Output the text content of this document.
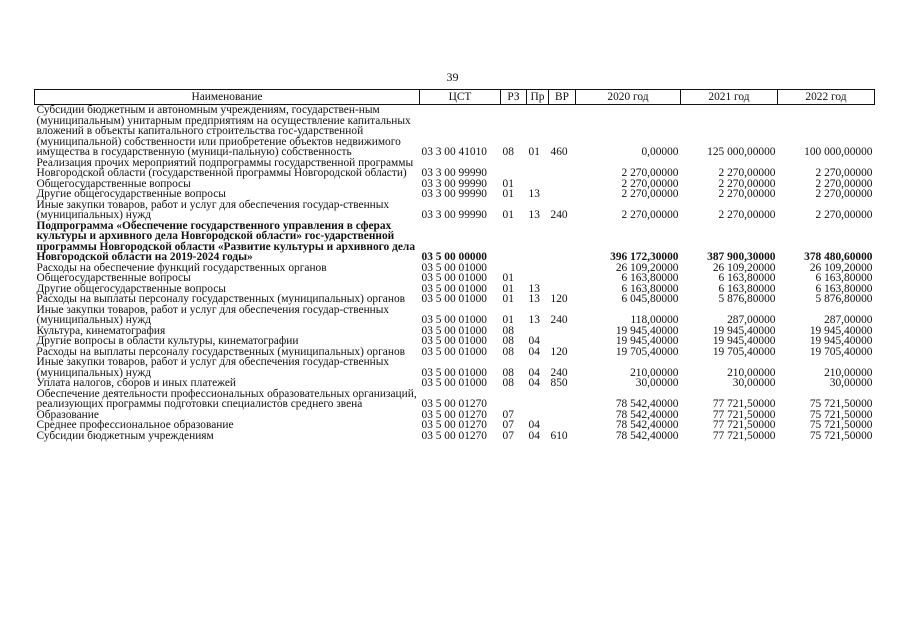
39
Наименование	ЦСТ	РЗ	Пр	ВР	2020 год	2021 год	2022 год
Субсидии бюджетным и автономным учреждениям, государствен-ным (муниципальным) унитарным предприятиям на осуществление капитальных вложений в объекты капитального строительства гос-ударственной (муниципальной) собственности или приобретение объектов недвижимого имущества в государственную (муници-пальную) собственность	03 3 00 41010	08	01	460	0,00000	125 000,00000	100 000,00000
Реализация прочих мероприятий подпрограммы государственной программы Новгородской области (государственной программы Новгородской области)	03 3 00 99990				2 270,00000	2 270,00000	2 270,00000
Общегосударственные вопросы	03 3 00 99990	01			2 270,00000	2 270,00000	2 270,00000
Другие общегосударственные вопросы	03 3 00 99990	01	13		2 270,00000	2 270,00000	2 270,00000
Иные закупки товаров, работ и услуг для обеспечения государ-ственных (муниципальных) нужд	03 3 00 99990	01	13	240	2 270,00000	2 270,00000	2 270,00000
Подпрограмма «Обеспечение государственного управления в сферах культуры и архивного дела Новгородской области» гос-ударственной программы Новгородской области «Развитие культуры и архивного дела Новгородской области на 2019-2024 годы»	03 5 00 00000				396 172,30000	387 900,30000	378 480,60000
Расходы на обеспечение функций государственных органов	03 5 00 01000				26 109,20000	26 109,20000	26 109,20000
Общегосударственные вопросы	03 5 00 01000	01			6 163,80000	6 163,80000	6 163,80000
Другие общегосударственные вопросы	03 5 00 01000	01	13		6 163,80000	6 163,80000	6 163,80000
Расходы на выплаты персоналу государственных (муниципальных) органов	03 5 00 01000	01	13	120	6 045,80000	5 876,80000	5 876,80000
Иные закупки товаров, работ и услуг для обеспечения государ-ственных (муниципальных) нужд	03 5 00 01000	01	13	240	118,00000	287,00000	287,00000
Культура, кинематография	03 5 00 01000	08			19 945,40000	19 945,40000	19 945,40000
Другие вопросы в области культуры, кинематографии	03 5 00 01000	08	04		19 945,40000	19 945,40000	19 945,40000
Расходы на выплаты персоналу государственных (муниципальных) органов	03 5 00 01000	08	04	120	19 705,40000	19 705,40000	19 705,40000
Иные закупки товаров, работ и услуг для обеспечения государ-ственных (муниципальных) нужд	03 5 00 01000	08	04	240	210,00000	210,00000	210,00000
Уплата налогов, сборов и иных платежей	03 5 00 01000	08	04	850	30,00000	30,00000	30,00000
Обеспечение деятельности профессиональных образовательных организаций, реализующих программы подготовки специалистов среднего звена	03 5 00 01270				78 542,40000	77 721,50000	75 721,50000
Образование	03 5 00 01270	07			78 542,40000	77 721,50000	75 721,50000
Среднее профессиональное образование	03 5 00 01270	07	04		78 542,40000	77 721,50000	75 721,50000
Субсидии бюджетным учреждениям	03 5 00 01270	07	04	610	78 542,40000	77 721,50000	75 721,50000
